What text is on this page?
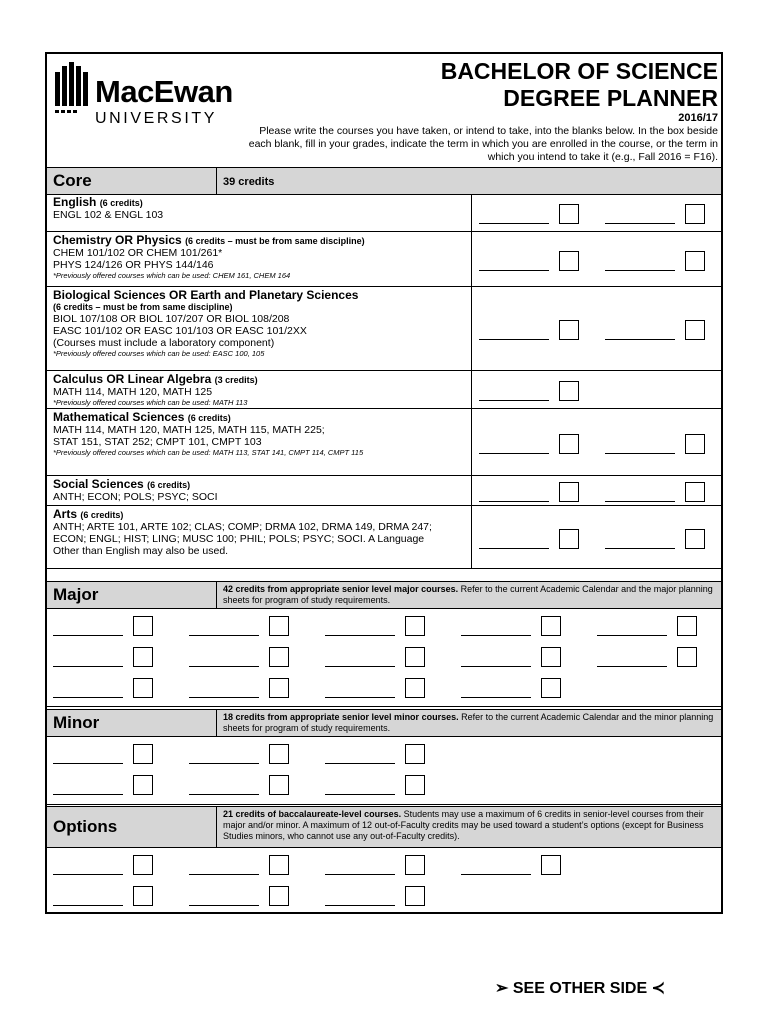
MacEwan
UNIVERSITY
BACHELOR OF SCIENCE
DEGREE PLANNER
2016/17
Please write the courses you have taken, or intend to take, into the blanks below. In the box beside each blank, fill in your grades, indicate the term in which you are enrolled in the course, or the term in which you intend to take it (e.g., Fall 2016 = F16).
Core	39 credits
English (6 credits)
ENGL 102 & ENGL 103
Chemistry OR Physics (6 credits – must be from same discipline)
CHEM 101/102 OR CHEM 101/261*
PHYS 124/126 OR PHYS 144/146
*Previously offered courses which can be used: CHEM 161, CHEM 164
Biological Sciences OR Earth and Planetary Sciences
(6 credits – must be from same discipline)
BIOL 107/108 OR BIOL 107/207 OR BIOL 108/208
EASC 101/102 OR EASC 101/103 OR EASC 101/2XX
(Courses must include a laboratory component)
*Previously offered courses which can be used: EASC 100, 105
Calculus OR Linear Algebra (3 credits)
MATH 114, MATH 120, MATH 125
*Previously offered courses which can be used: MATH 113
Mathematical Sciences (6 credits)
MATH 114, MATH 120, MATH 125, MATH 115, MATH 225;
STAT 151, STAT 252; CMPT 101, CMPT 103
*Previously offered courses which can be used: MATH 113, STAT 141, CMPT 114, CMPT 115
Social Sciences (6 credits)
ANTH; ECON; POLS; PSYC; SOCI
Arts (6 credits)
ANTH; ARTE 101, ARTE 102; CLAS; COMP; DRMA 102, DRMA 149, DRMA 247;
ECON; ENGL; HIST; LING; MUSC 100; PHIL; POLS; PSYC; SOCI. A Language
Other than English may also be used.
Major	42 credits from appropriate senior level major courses. Refer to the current Academic Calendar and the major planning sheets for program of study requirements.
Minor	18 credits from appropriate senior level minor courses. Refer to the current Academic Calendar and the minor planning sheets for program of study requirements.
Options
21 credits of baccalaureate-level courses. Students may use a maximum of 6 credits in senior-level courses from their major and/or minor. A maximum of 12 out-of-Faculty credits may be used toward a student’s options (except for Business Studies minors, who cannot use any out-of-Faculty credits).
➢ SEE OTHER SIDE ≺
